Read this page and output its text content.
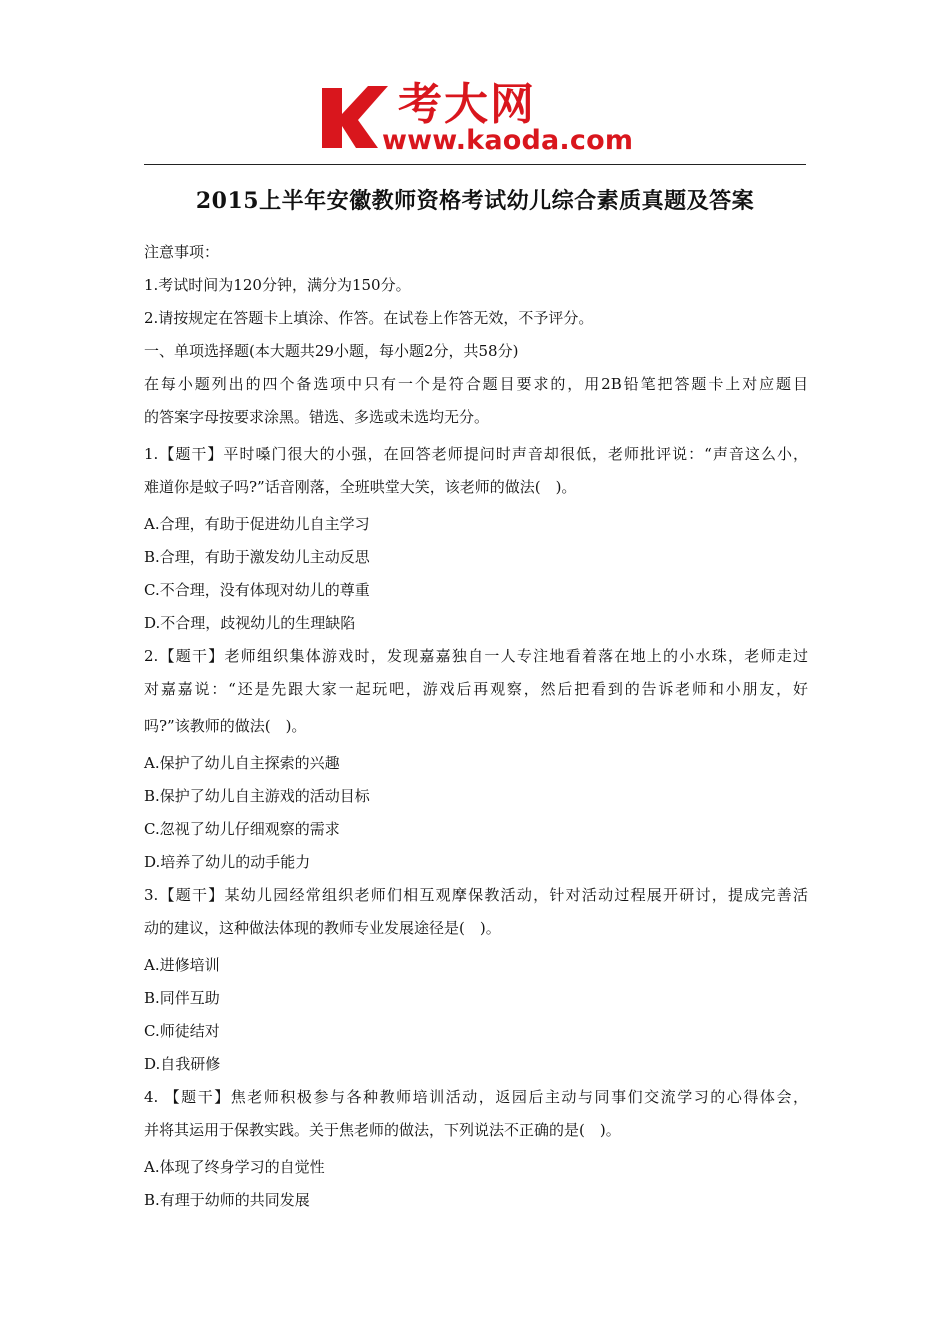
考大网
www.kaoda.com
2015上半年安徽教师资格考试幼儿综合素质真题及答案
注意事项：
1.考试时间为120分钟，满分为150分。
2.请按规定在答题卡上填涂、作答。在试卷上作答无效，不予评分。
一、单项选择题(本大题共29小题，每小题2分，共58分)
在每小题列出的四个备选项中只有一个是符合题目要求的，用2B铅笔把答题卡上对应题目
的答案字母按要求涂黑。错选、多选或未选均无分。
1.【题干】平时嗓门很大的小强，在回答老师提问时声音却很低，老师批评说：“声音这么小，
难道你是蚊子吗?”话音刚落，全班哄堂大笑，该老师的做法(　)。
A.合理，有助于促进幼儿自主学习
B.合理，有助于激发幼儿主动反思
C.不合理，没有体现对幼儿的尊重
D.不合理，歧视幼儿的生理缺陷
2.【题干】老师组织集体游戏时，发现嘉嘉独自一人专注地看着落在地上的小水珠，老师走过
对嘉嘉说：“还是先跟大家一起玩吧，游戏后再观察，然后把看到的告诉老师和小朋友，好
吗?”该教师的做法(　)。
A.保护了幼儿自主探索的兴趣
B.保护了幼儿自主游戏的活动目标
C.忽视了幼儿仔细观察的需求
D.培养了幼儿的动手能力
3.【题干】某幼儿园经常组织老师们相互观摩保教活动，针对活动过程展开研讨，提成完善活
动的建议，这种做法体现的教师专业发展途径是(　)。
A.进修培训
B.同伴互助
C.师徒结对
D.自我研修
4. 【题干】焦老师积极参与各种教师培训活动，返园后主动与同事们交流学习的心得体会，
并将其运用于保教实践。关于焦老师的做法，下列说法不正确的是(　)。
A.体现了终身学习的自觉性
B.有理于幼师的共同发展
